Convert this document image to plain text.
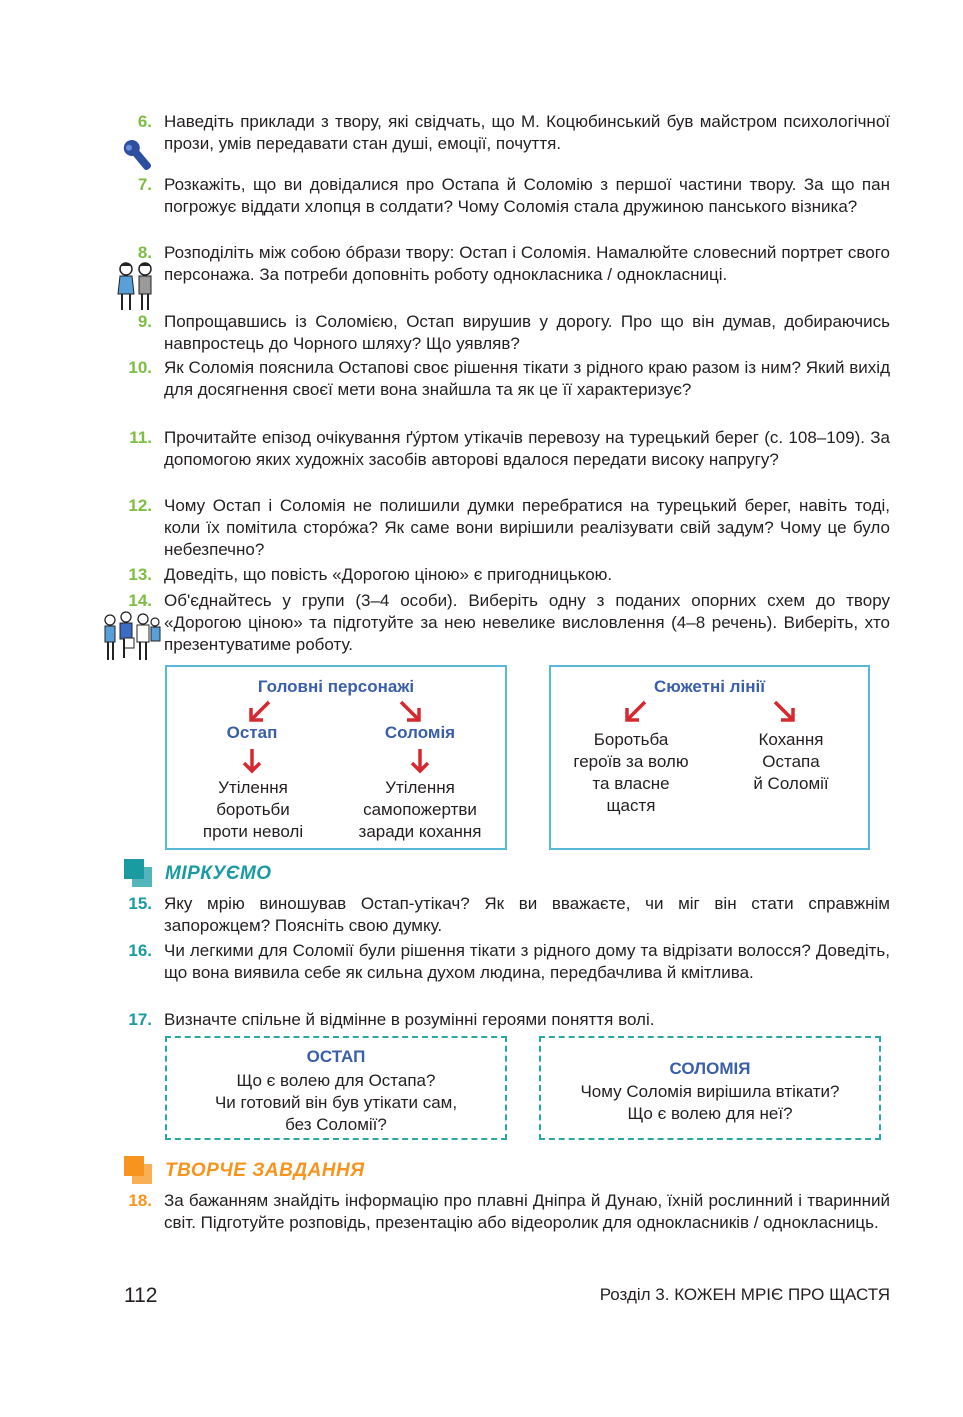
6. Наведіть приклади з твору, які свідчать, що М. Коцюбинський був майстром психологічної прози, умів передавати стан душі, емоції, почуття.
7. Розкажіть, що ви довідалися про Остапа й Соломію з першої частини твору. За що пан погрожує віддати хлопця в солдати? Чому Соломія стала дружиною панського візника?
8. Розподіліть між собою óбрази твору: Остап і Соломія. Намалюйте словесний портрет свого персонажа. За потреби доповніть роботу однокласника / однокласниці.
9. Попрощавшись із Соломією, Остап вирушив у дорогу. Про що він думав, добираючись навпростець до Чорного шляху? Що уявляв?
10. Як Соломія пояснила Остапові своє рішення тікати з рідного краю разом із ним? Який вихід для досягнення своєї мети вона знайшла та як це її характеризує?
11. Прочитайте епізод очікування ґýртом утікачів перевозу на турецький берег (с. 108–109). За допомогою яких художніх засобів авторові вдалося передати високу напругу?
12. Чому Остап і Соломія не полишили думки перебратися на турецький берег, навіть тоді, коли їх помітила сторóжа? Як саме вони вирішили реалізувати свій задум? Чому це було небезпечно?
13. Доведіть, що повість «Дорогою ціною» є пригодницькою.
14. Об'єднайтесь у групи (3–4 особи). Виберіть одну з поданих опорних схем до твору «Дорогою ціною» та підготуйте за нею невелике висловлення (4–8 речень). Виберіть, хто презентуватиме роботу.
Головні персонажі
Остап	Соломія
Утілення
боротьби
проти неволі
Утілення
самопожертви
заради кохання
Сюжетні лінії
Боротьба
героїв за волю
та власне
щастя
Кохання
Остапа
й Соломії
МІРКУЄМО
15. Яку мрію виношував Остап-утікач? Як ви вважаєте, чи міг він стати справжнім запорожцем? Поясніть свою думку.
16. Чи легкими для Соломії були рішення тікати з рідного дому та відрізати волосся? Доведіть, що вона виявила себе як сильна духом людина, передбачлива й кмітлива.
17. Визначте спільне й відмінне в розумінні героями поняття волі.
ОСТАП
Що є волею для Остапа?
Чи готовий він був утікати сам,
без Соломії?
СОЛОМІЯ
Чому Соломія вирішила втікати?
Що є волею для неї?
ТВОРЧЕ ЗАВДАННЯ
18. За бажанням знайдіть інформацію про плавні Дніпра й Дунаю, їхній рослинний і тваринний світ. Підготуйте розповідь, презентацію або відеоролик для однокласників / однокласниць.
112	Розділ 3. КОЖЕН МРІЄ ПРО ЩАСТЯ
